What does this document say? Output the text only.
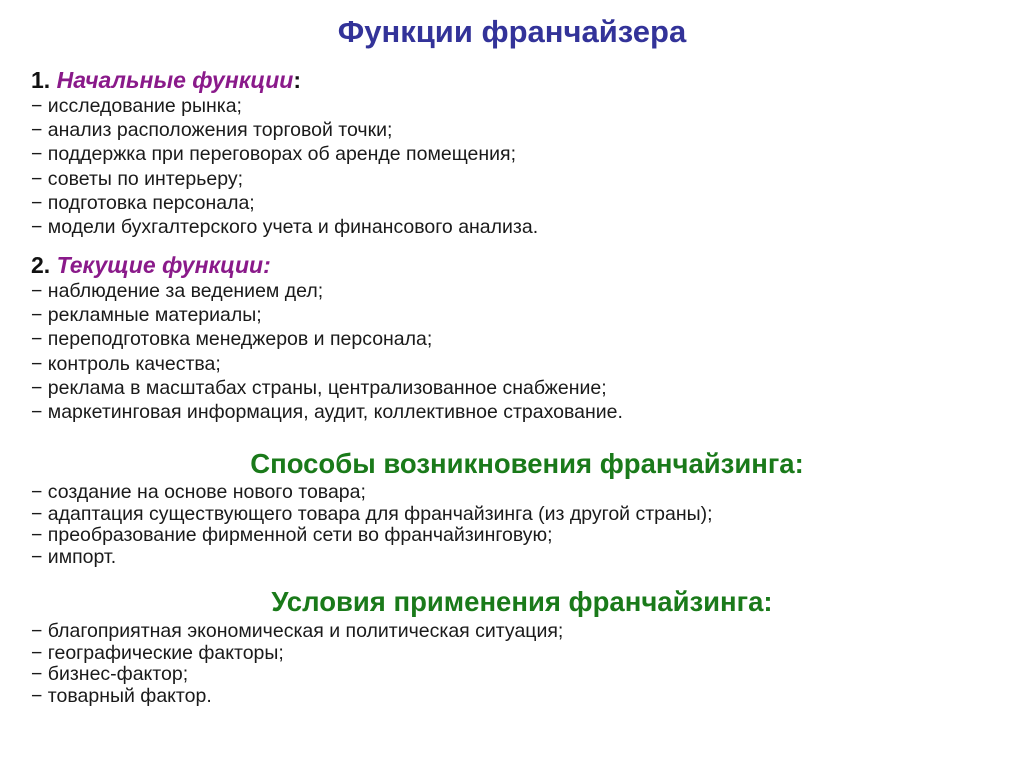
Функции франчайзера
1. Начальные функции:
− исследование рынка;
− анализ расположения торговой точки;
− поддержка при переговорах об аренде помещения;
− советы по интерьеру;
− подготовка персонала;
− модели бухгалтерского учета и финансового анализа.
2. Текущие функции:
− наблюдение за ведением дел;
− рекламные материалы;
− переподготовка менеджеров и персонала;
− контроль качества;
− реклама в масштабах страны, централизованное снабжение;
− маркетинговая информация, аудит, коллективное страхование.
Способы возникновения франчайзинга:
− создание на основе нового товара;
− адаптация существующего товара для франчайзинга (из другой страны);
− преобразование фирменной сети во франчайзинговую;
− импорт.
Условия применения франчайзинга:
− благоприятная экономическая и политическая ситуация;
− географические факторы;
− бизнес-фактор;
− товарный фактор.
